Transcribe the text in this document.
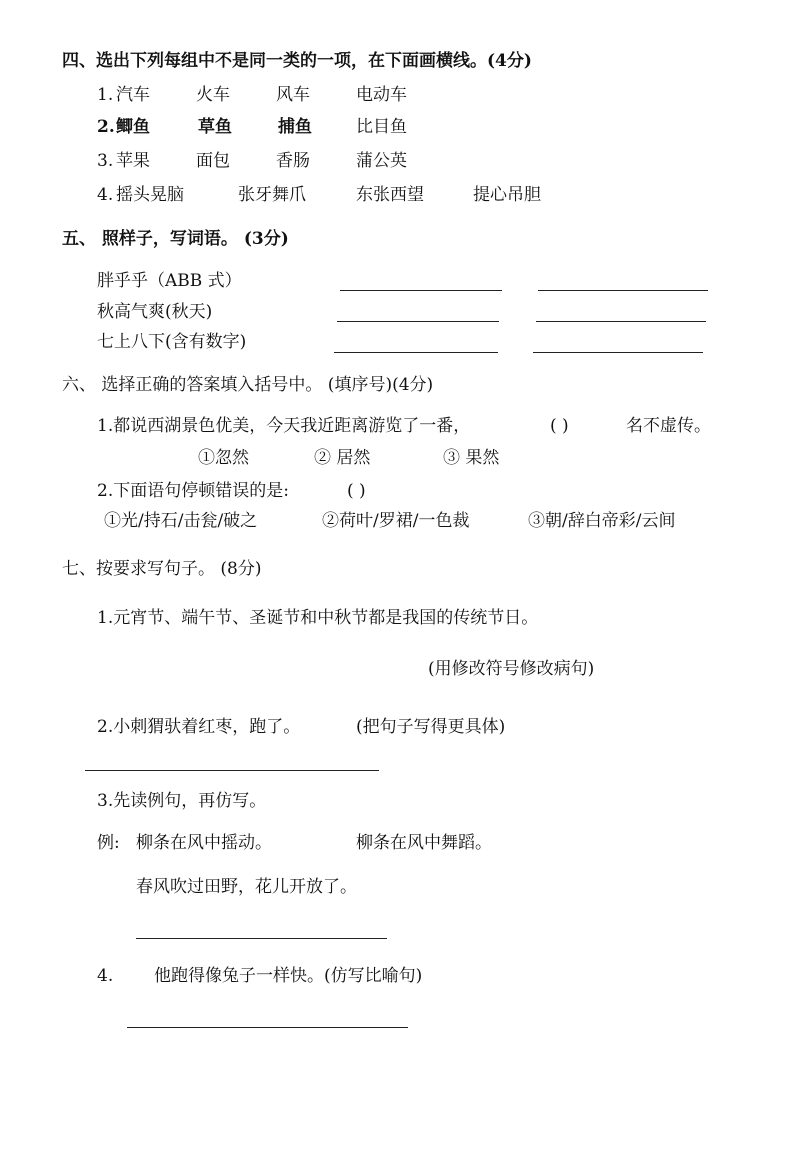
四、选出下列每组中不是同一类的一项，在下面画横线。(4分)
1. 汽车	火车	风车	电动车
2. 鲫鱼	草鱼	捕鱼	比目鱼
3. 苹果	面包	香肠	蒲公英
4. 摇头晃脑	张牙舞爪	东张西望	提心吊胆
五、 照样子，写词语。 (3分)
胖乎乎（ABB 式）
秋高气爽(秋天)
七上八下(含有数字)
六、 选择正确的答案填入括号中。 (填序号)(4分)
1.都说西湖景色优美，今天我近距离游览了一番，	( )	名不虚传。
①忽然	② 居然	③ 果然
2.下面语句停顿错误的是:	( )
①光/持石/击瓮/破之	②荷叶/罗裙/一色裁	③朝/辞白帝彩/云间
七、按要求写句子。 (8分)
1.元宵节、端午节、圣诞节和中秋节都是我国的传统节日。
(用修改符号修改病句)
2.小刺猬驮着红枣，跑了。	(把句子写得更具体)
3.先读例句，再仿写。
例: 柳条在风中摇动。	柳条在风中舞蹈。
春风吹过田野，花儿开放了。
4. 他跑得像兔子一样快。(仿写比喻句)
